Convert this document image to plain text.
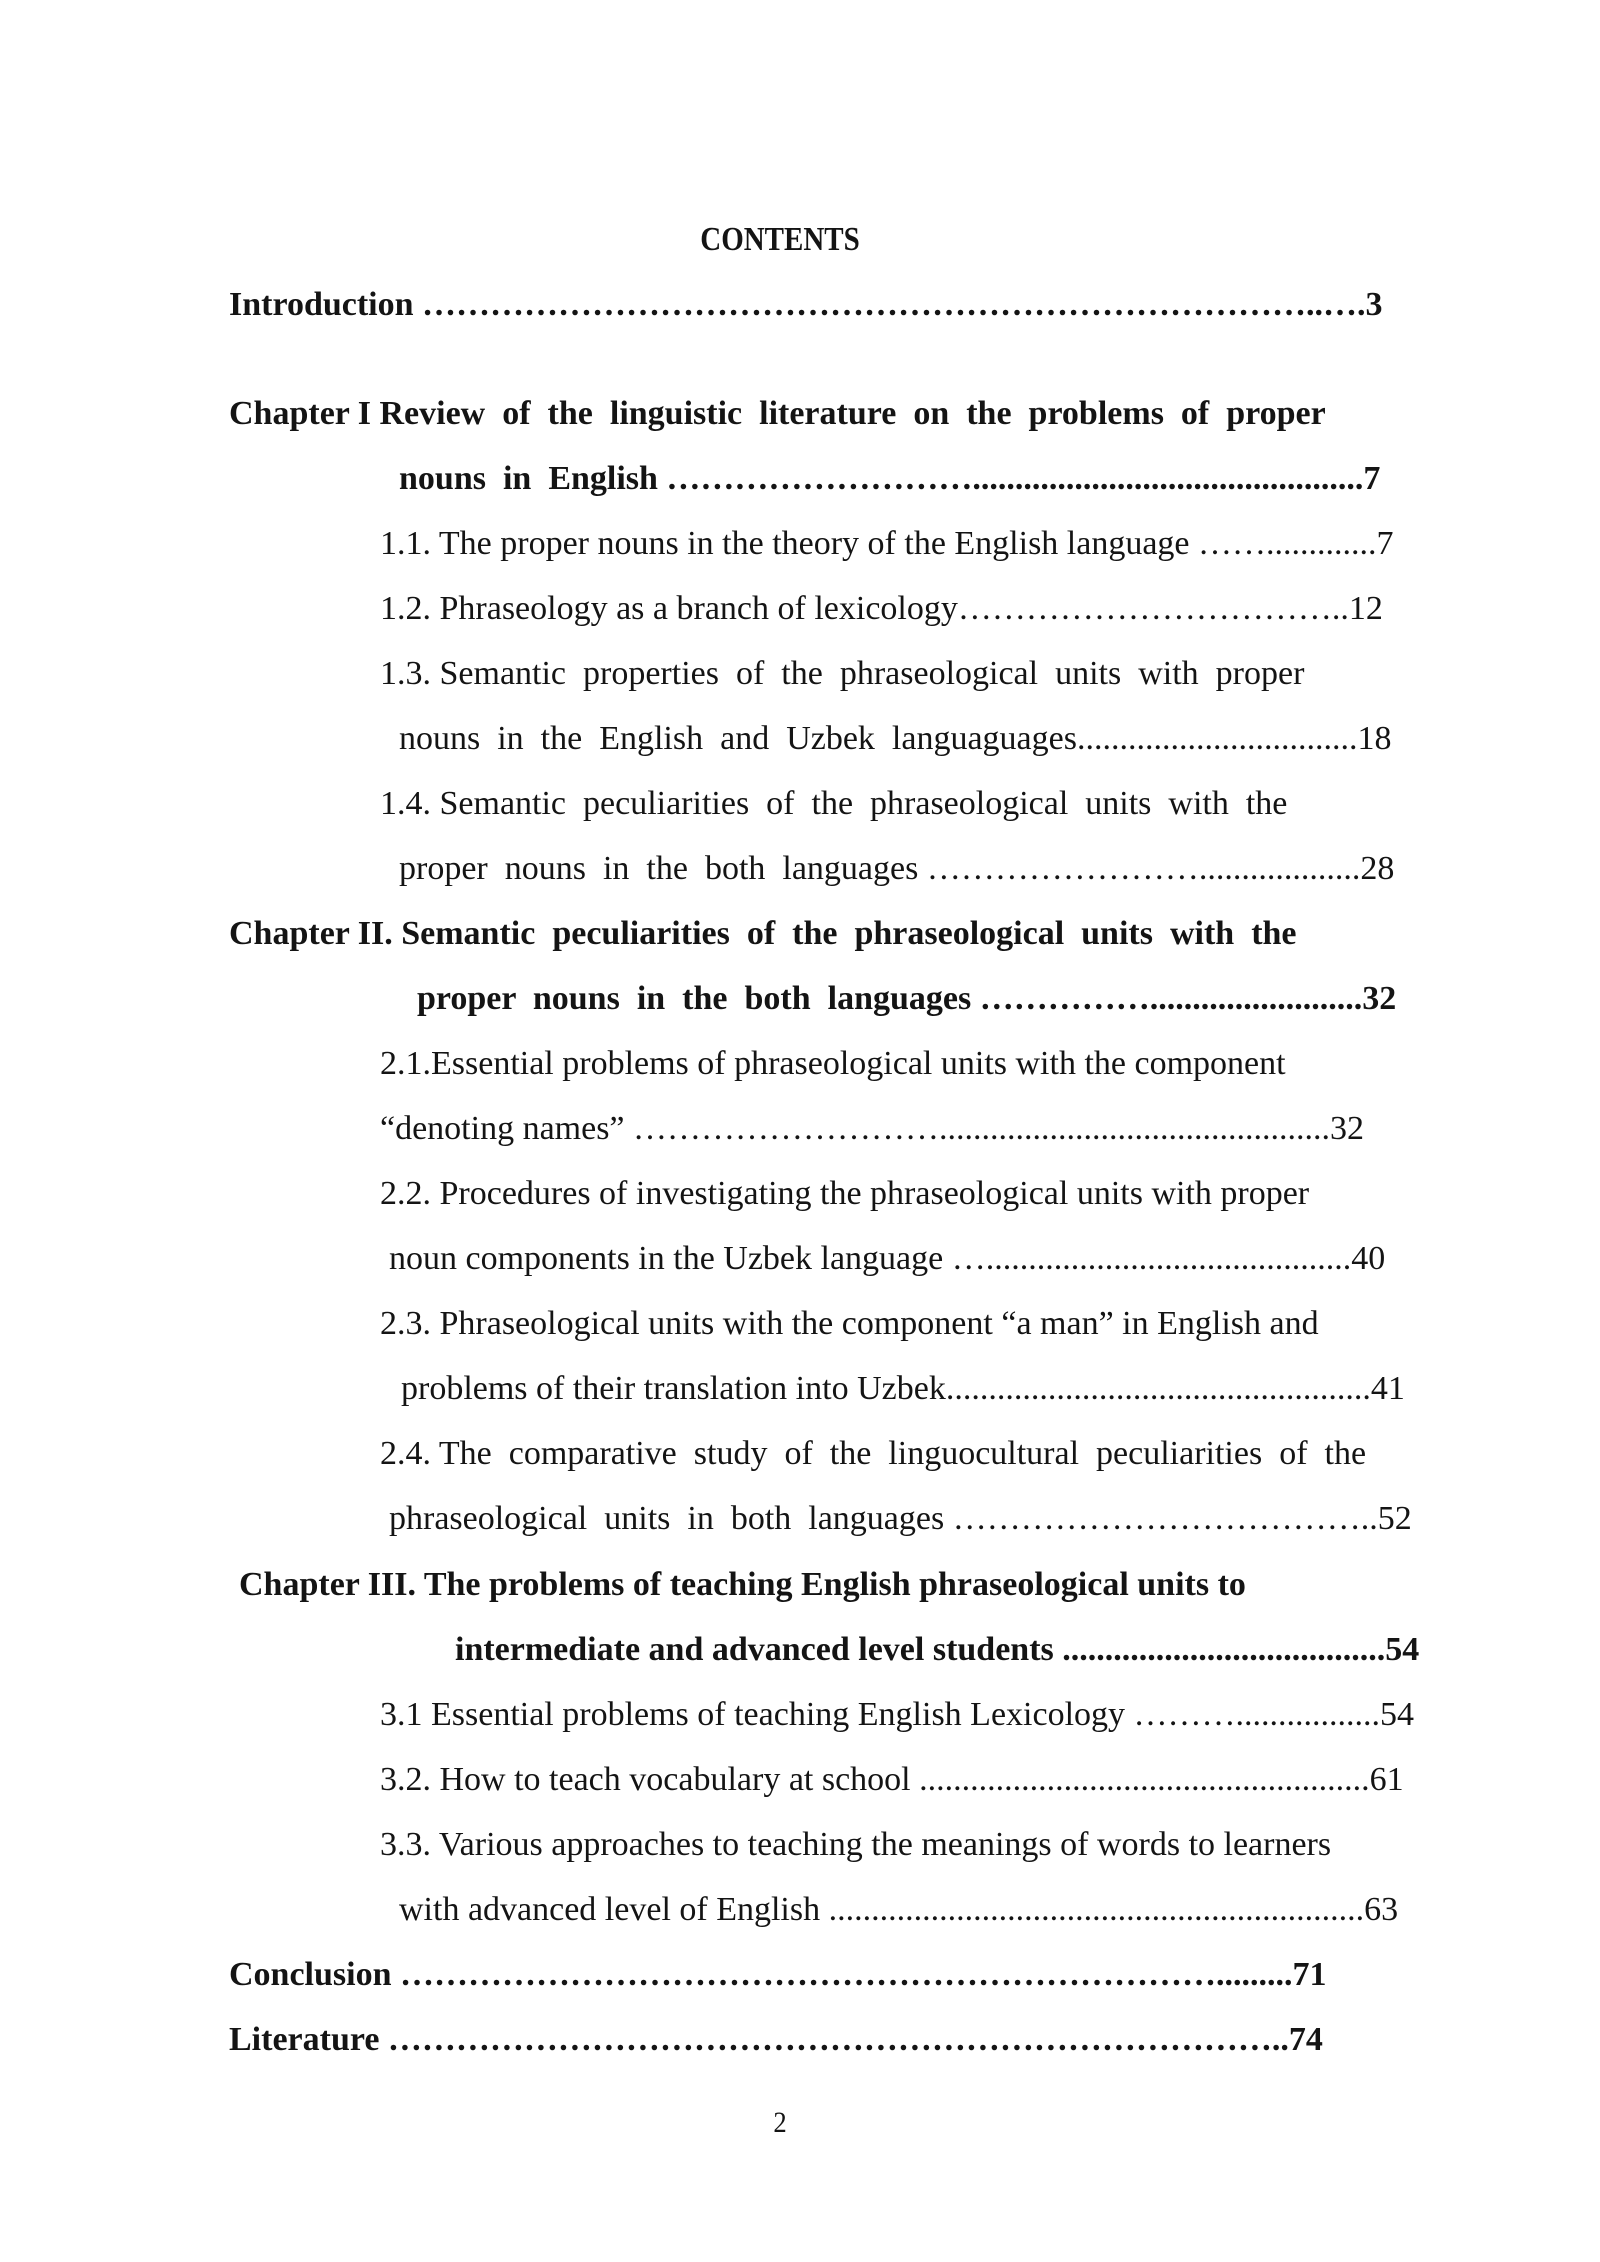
CONTENTS
Introduction ……………………………………………………………………..….3
Chapter I Review  of  the  linguistic  literature  on  the  problems  of  proper
nouns  in  English ………………………..............................................7
1.1. The proper nouns in the theory of the English language …….............7
1.2. Phraseology as a branch of lexicology……………………………..12
1.3. Semantic  properties  of  the  phraseological  units  with  proper
nouns  in  the  English  and  Uzbek  languaguages.................................18
1.4. Semantic  peculiarities  of  the  phraseological  units  with  the
proper  nouns  in  the  both  languages ……………………...................28
Chapter II. Semantic  peculiarities  of  the  phraseological  units  with  the
proper  nouns  in  the  both  languages …………….........................32
2.1.Essential problems of phraseological units with the component
“denoting names” ………………………..............................................32
2.2. Procedures of investigating the phraseological units with proper
noun components in the Uzbek language …...........................................40
2.3. Phraseological units with the component “a man” in English and
problems of their translation into Uzbek..................................................41
2.4. The  comparative  study  of  the  linguocultural  peculiarities  of  the
phraseological  units  in  both  languages ………………………………..52
Chapter III. The problems of teaching English phraseological units to
intermediate and advanced level students ......................................54
3.1 Essential problems of teaching English Lexicology ……….................54
3.2. How to teach vocabulary at school .....................................................61
3.3. Various approaches to teaching the meanings of words to learners
with advanced level of English ...............................................................63
Conclusion ……………………………………………………………….........71
Literature ……………………………………………………………………..74
2
